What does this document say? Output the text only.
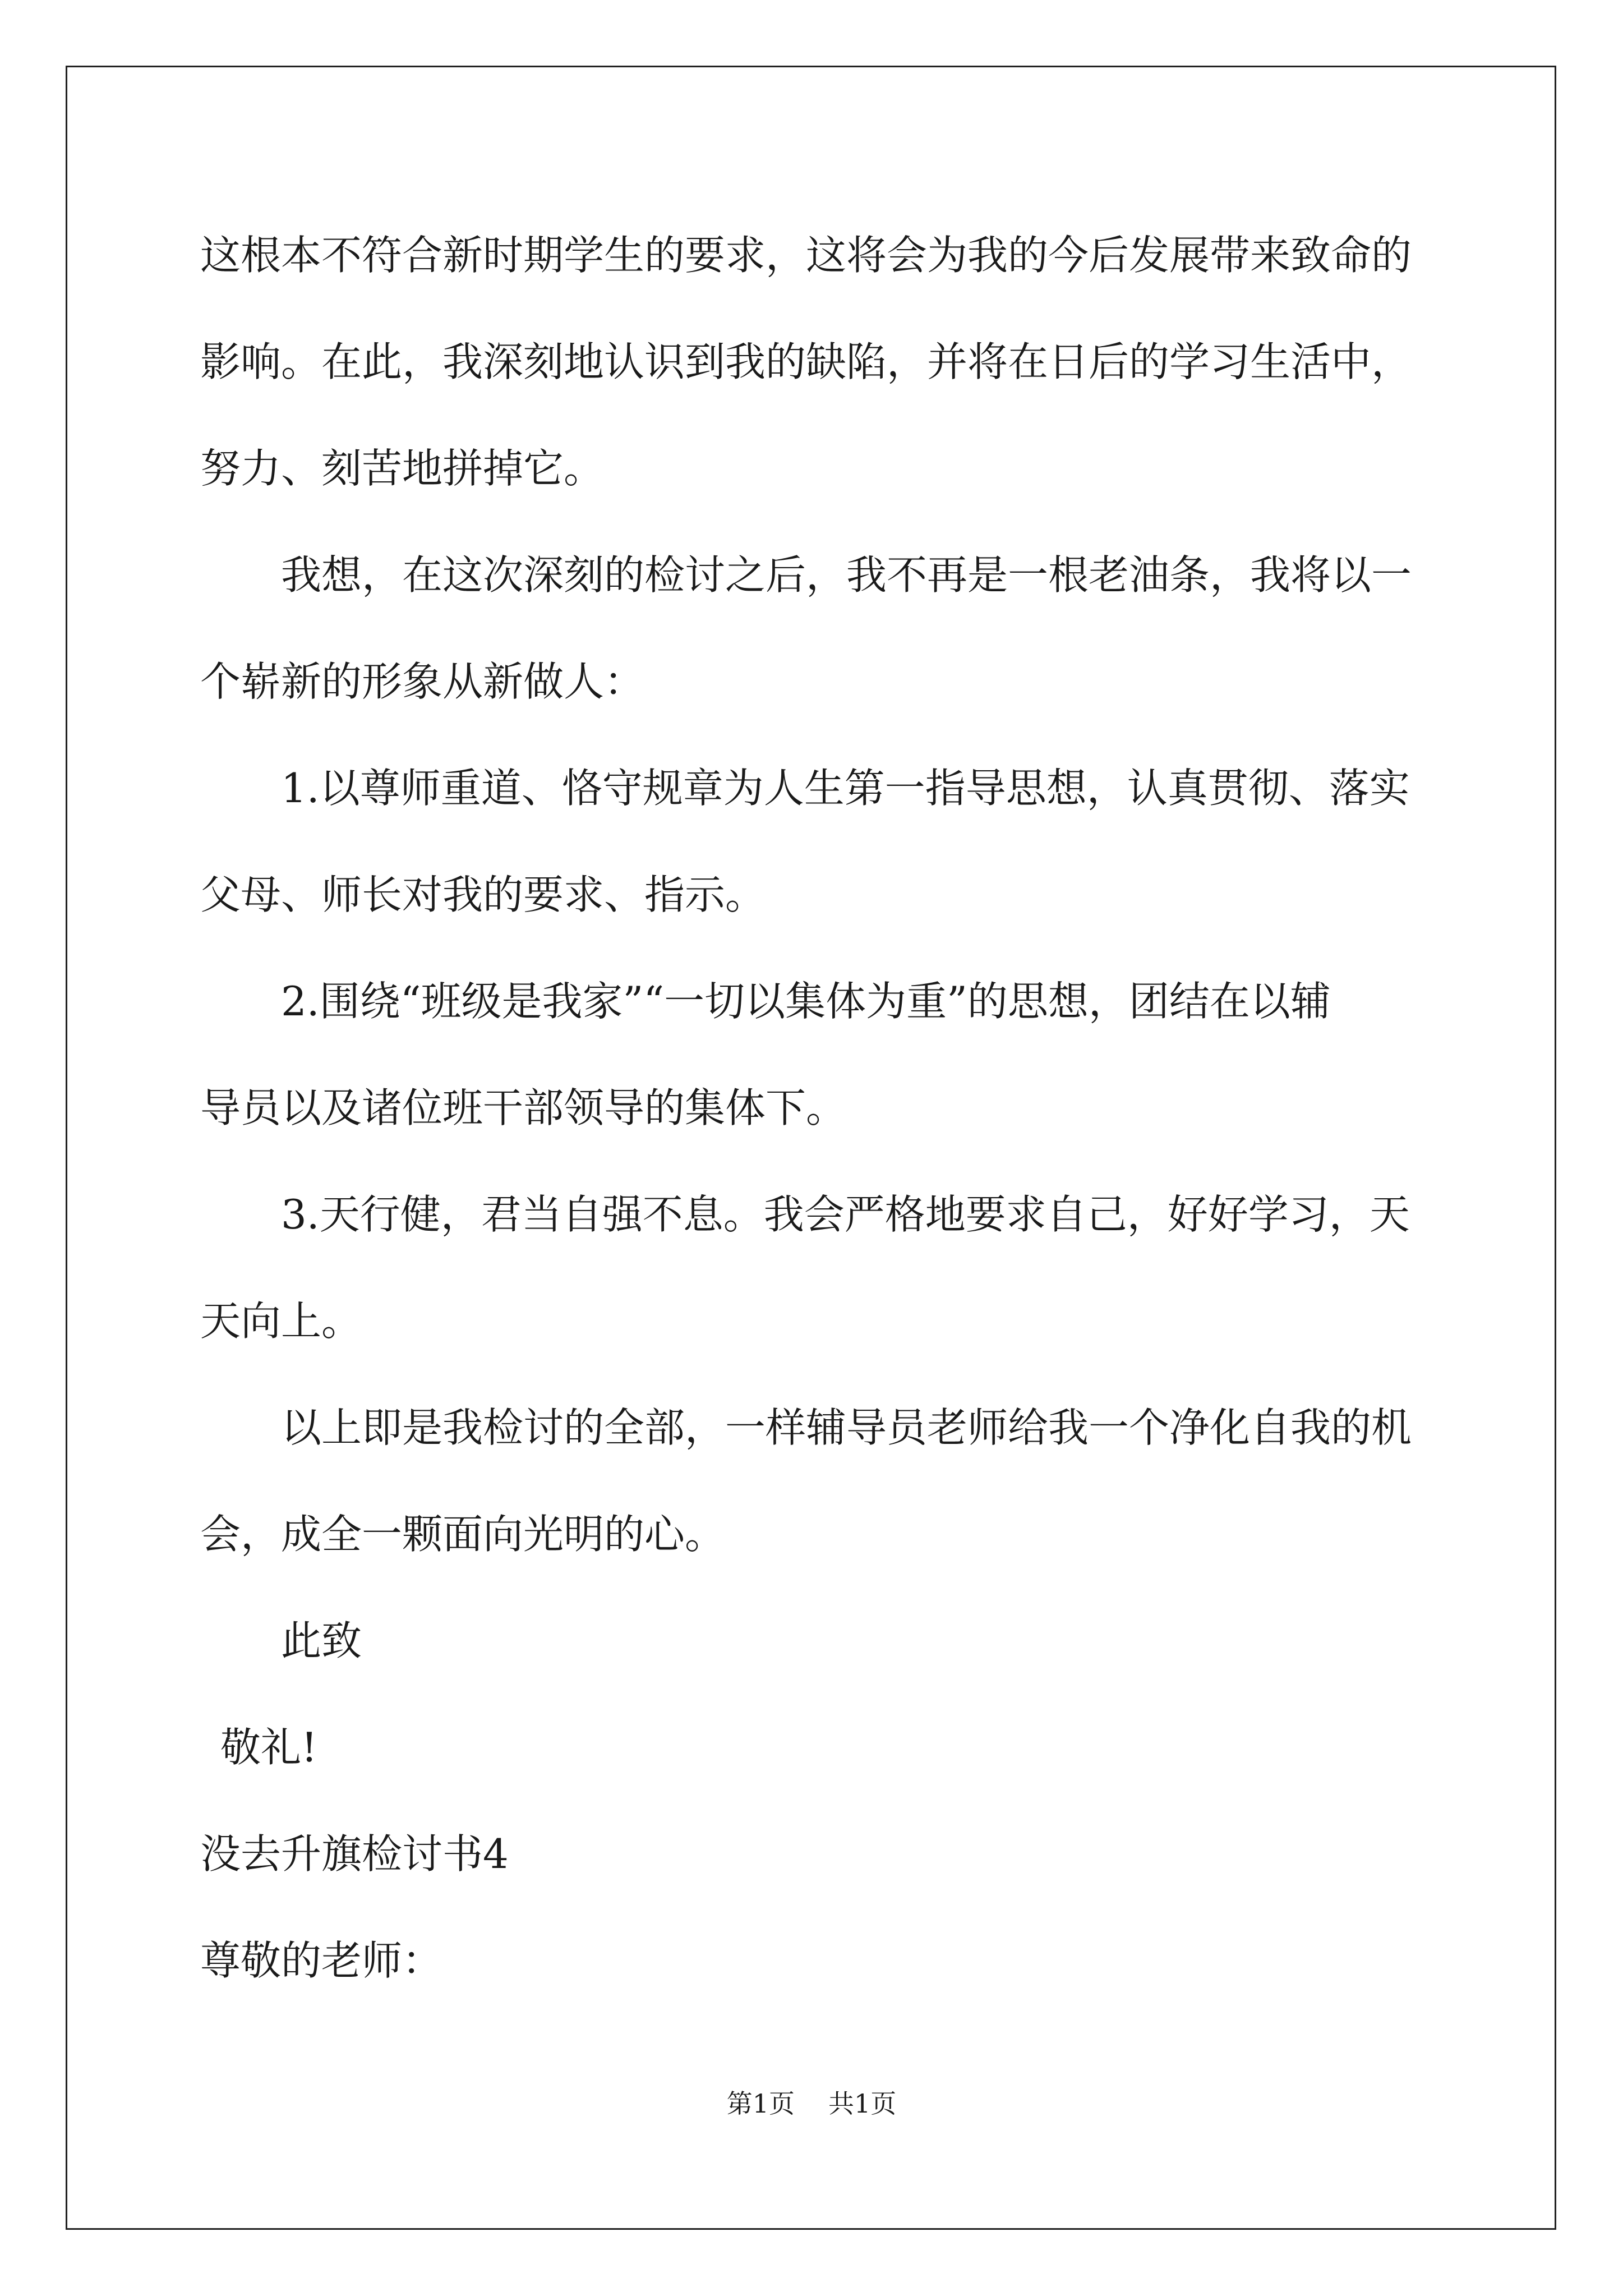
这根本不符合新时期学生的要求，这将会为我的今后发展带来致命的
影响。在此，我深刻地认识到我的缺陷，并将在日后的学习生活中，
努力、刻苦地拼掉它。
我想，在这次深刻的检讨之后，我不再是一根老油条，我将以一
个崭新的形象从新做人：
1.以尊师重道、恪守规章为人生第一指导思想，认真贯彻、落实
父母、师长对我的要求、指示。
2.围绕“班级是我家”“一切以集体为重”的思想，团结在以辅
导员以及诸位班干部领导的集体下。
3.天行健，君当自强不息。我会严格地要求自己，好好学习，天
天向上。
以上即是我检讨的全部，一样辅导员老师给我一个净化自我的机
会，成全一颗面向光明的心。
此致
敬礼!
没去升旗检讨书4
尊敬的老师：
第1页 共1页
